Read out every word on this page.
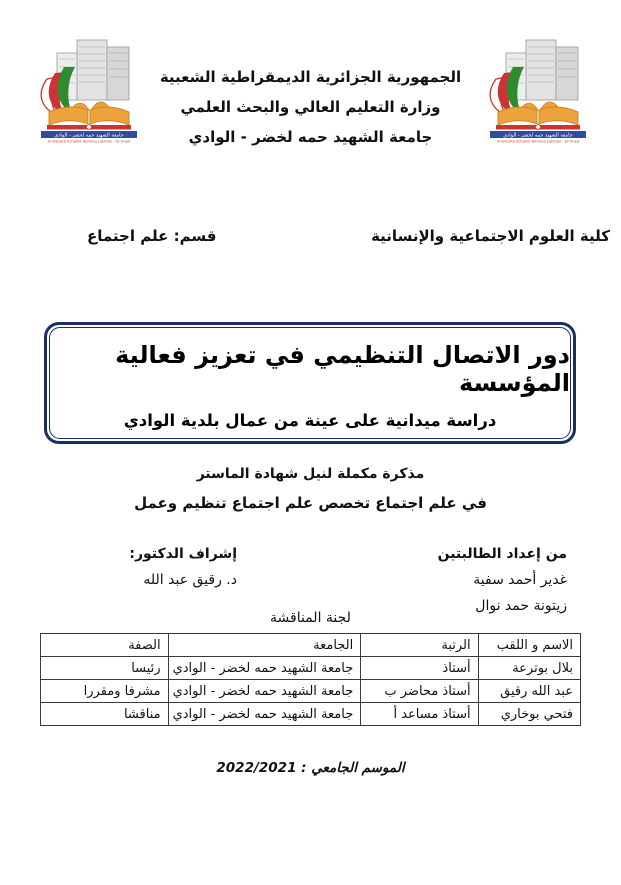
جامعة الشهيد حمه لخضر - الوادي
Université Echahid Hamma Lakhdar - El-Oued
جامعة الشهيد حمه لخضر - الوادي
Université Echahid Hamma Lakhdar - El-Oued
الجمهورية الجزائرية الديمقراطية الشعبية
وزارة التعليم العالي والبحث العلمي
جامعة الشهيد حمه لخضر - الوادي
كلية العلوم الاجتماعية والإنسانية
قسم: علم اجتماع
دور الاتصال التنظيمي في تعزيز فعالية المؤسسة
دراسة ميدانية على عينة من عمال بلدية الوادي
مذكرة مكملة لنيل شهادة الماستر
في علم اجتماع تخصص علم اجتماع تنظيم وعمل
من إعداد الطالبتين
غدير أحمد سفية
زيتونة حمد نوال
إشراف الدكتور:
د. رقيق عبد الله
لجنة المناقشة
الاسم و اللقب	الرتبة	الجامعة	الصفة
بلال بوترعة	أستاذ	جامعة الشهيد حمه لخضر - الوادي	رئيسا
عبد الله رقيق	أستاذ محاضر ب	جامعة الشهيد حمه لخضر - الوادي	مشرفا ومقررا
فتحي بوخاري	أستاذ مساعد أ	جامعة الشهيد حمه لخضر - الوادي	مناقشا
الموسم الجامعي : 2022/2021
